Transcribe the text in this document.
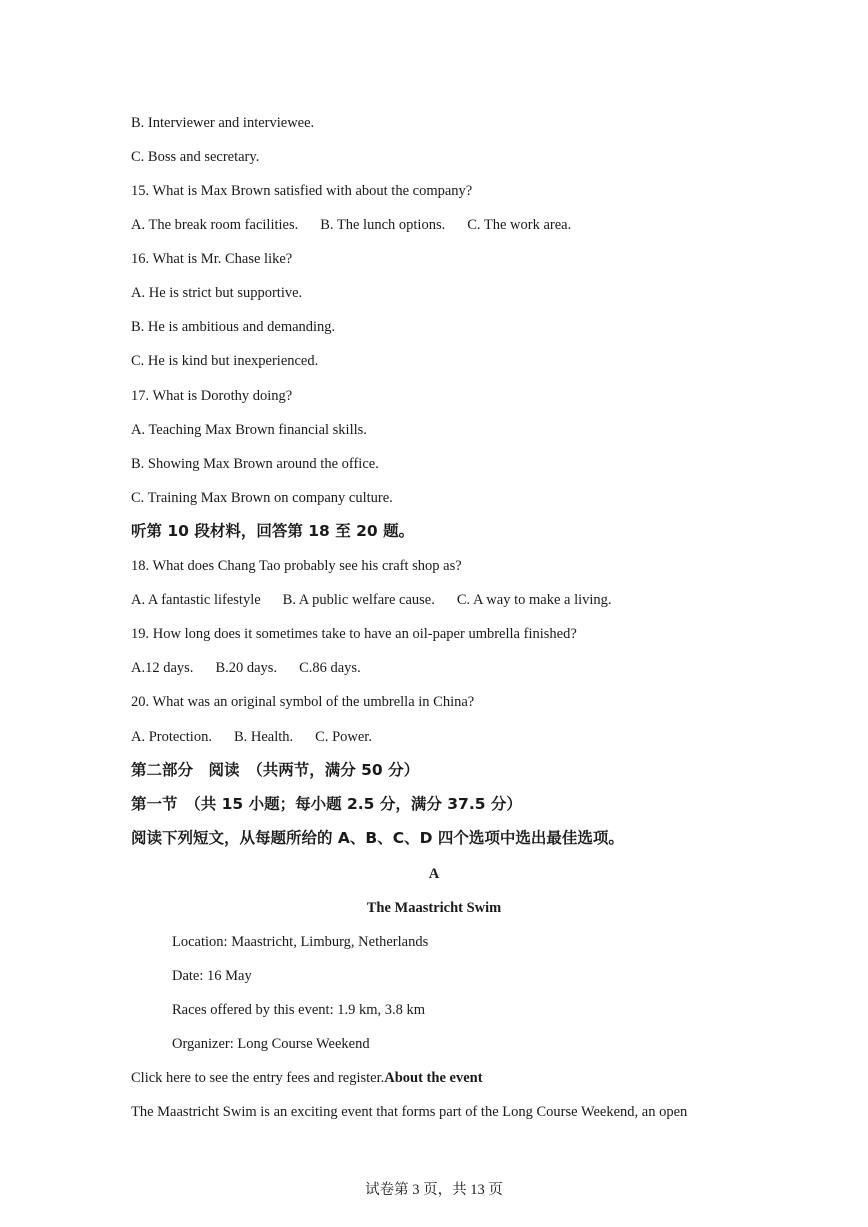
B. Interviewer and interviewee.
C. Boss and secretary.
15. What is Max Brown satisfied with about the company?
A. The break room facilities. B. The lunch options. C. The work area.
16. What is Mr. Chase like?
A. He is strict but supportive.
B. He is ambitious and demanding.
C. He is kind but inexperienced.
17. What is Dorothy doing?
A. Teaching Max Brown financial skills.
B. Showing Max Brown around the office.
C. Training Max Brown on company culture.
听第 10 段材料，回答第 18 至 20 题。
18. What does Chang Tao probably see his craft shop as?
A. A fantastic lifestyle B. A public welfare cause. C. A way to make a living.
19. How long does it sometimes take to have an oil-paper umbrella finished?
A.12 days. B.20 days. C.86 days.
20. What was an original symbol of the umbrella in China?
A. Protection. B. Health. C. Power.
第二部分　阅读　（共两节，满分 50 分）
第一节　（共 15 小题；每小题 2.5 分，满分 37.5 分）
阅读下列短文，从每题所给的 A、B、C、D 四个选项中选出最佳选项。
A
The Maastricht Swim
Location: Maastricht, Limburg, Netherlands
Date: 16 May
Races offered by this event: 1.9 km, 3.8 km
Organizer: Long Course Weekend
Click here to see the entry fees and register.About the event
The Maastricht Swim is an exciting event that forms part of the Long Course Weekend, an open
试卷第 3 页，共 13 页
